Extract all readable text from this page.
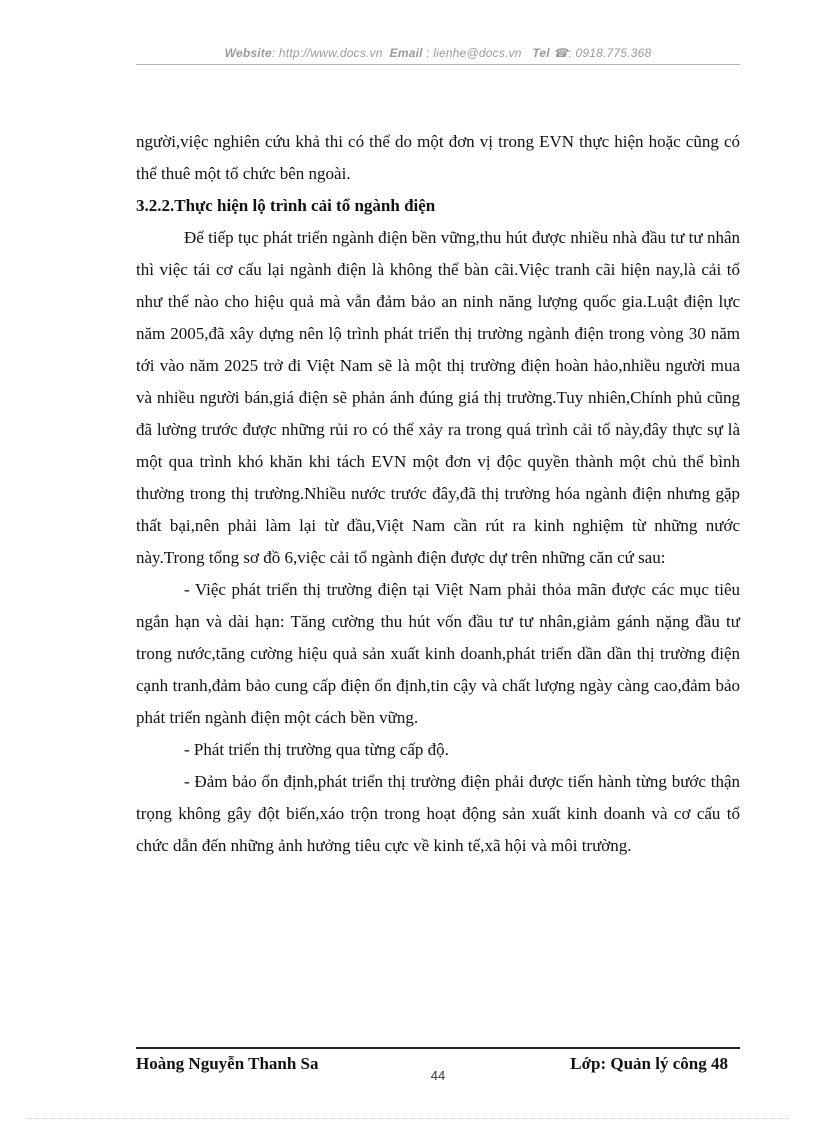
Website: http://www.docs.vn Email : lienhe@docs.vn Tel ☎: 0918.775.368

người,việc nghiên cứu khả thi có thể do một đơn vị trong EVN thực hiện hoặc cũng có thể thuê một tổ chức bên ngoài.

3.2.2.Thực hiện lộ trình cải tổ ngành điện

Để tiếp tục phát triển ngành điện bền vững,thu hút được nhiều nhà đầu tư tư nhân thì việc tái cơ cấu lại ngành điện là không thể bàn cãi.Việc tranh cãi hiện nay,là cải tổ như thế nào cho hiệu quả mà vẫn đảm bảo an ninh năng lượng quốc gia.Luật điện lực năm 2005,đã xây dựng nên lộ trình phát triển thị trường ngành điện trong vòng 30 năm tới vào năm 2025 trở đi Việt Nam sẽ là một thị trường điện hoàn hảo,nhiều người mua và nhiều người bán,giá điện sẽ phản ánh đúng giá thị trường.Tuy nhiên,Chính phủ cũng đã lường trước được những rủi ro có thể xảy ra trong quá trình cải tổ này,đây thực sự là một qua trình khó khăn khi tách EVN một đơn vị độc quyền thành một chủ thể bình thường trong thị trường.Nhiều nước trước đây,đã thị trường hóa ngành điện nhưng gặp thất bại,nên phải làm lại từ đầu,Việt Nam cần rút ra kinh nghiệm từ những nước này.Trong tổng sơ đồ 6,việc cải tổ ngành điện được dự trên những căn cứ sau:

- Việc phát triển thị trường điện tại Việt Nam phải thỏa mãn được các mục tiêu ngắn hạn và dài hạn: Tăng cường thu hút vốn đầu tư tư nhân,giảm gánh nặng đầu tư trong nước,tăng cường hiệu quả sản xuất kinh doanh,phát triển dần dần thị trường điện cạnh tranh,đảm bảo cung cấp điện ổn định,tin cậy và chất lượng ngày càng cao,đảm bảo phát triển ngành điện một cách bền vững.

- Phát triển thị trường qua từng cấp độ.

- Đảm bảo ổn định,phát triển thị trường điện phải được tiến hành từng bước thận trọng không gây đột biến,xáo trộn trong hoạt động sản xuất kinh doanh và cơ cấu tổ chức dẫn đến những ảnh hưởng tiêu cực về kinh tế,xã hội và môi trường.

Hoàng Nguyễn Thanh Sa	Lớp: Quản lý công 48
44
